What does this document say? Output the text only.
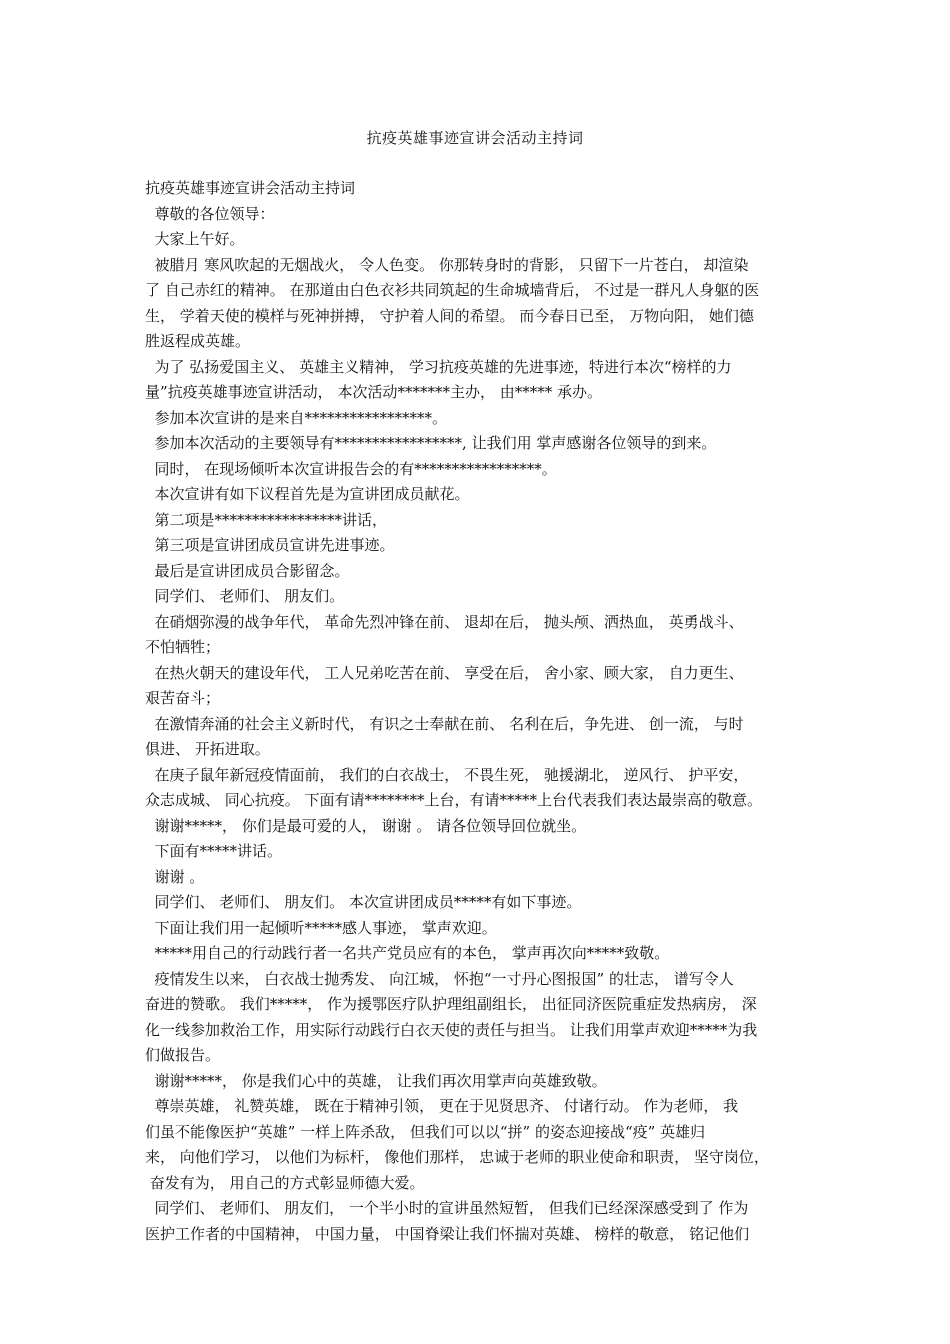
抗疫英雄事迹宣讲会活动主持词
抗疫英雄事迹宣讲会活动主持词
尊敬的各位领导：
大家上午好。
被腊月 寒风吹起的无烟战火， 令人色变。 你那转身时的背影， 只留下一片苍白， 却渲染
了 自己赤红的精神。 在那道由白色衣衫共同筑起的生命城墙背后， 不过是一群凡人身躯的医
生， 学着天使的模样与死神拼搏， 守护着人间的希望。 而今春日已至， 万物向阳， 她们德
胜返程成英雄。
为了 弘扬爱国主义、 英雄主义精神， 学习抗疫英雄的先进事迹，特进行本次“榜样的力
量”抗疫英雄事迹宣讲活动， 本次活动*******主办， 由***** 承办。
参加本次宣讲的是来自*****************。
参加本次活动的主要领导有*****************, 让我们用 掌声感谢各位领导的到来。
同时， 在现场倾听本次宣讲报告会的有*****************。
本次宣讲有如下议程首先是为宣讲团成员献花。
第二项是*****************讲话，
第三项是宣讲团成员宣讲先进事迹。
最后是宣讲团成员合影留念。
同学们、 老师们、 朋友们。
在硝烟弥漫的战争年代， 革命先烈冲锋在前、 退却在后， 抛头颅、洒热血， 英勇战斗、
不怕牺牲；
在热火朝天的建设年代， 工人兄弟吃苦在前、 享受在后， 舍小家、顾大家， 自力更生、
艰苦奋斗；
在激情奔涌的社会主义新时代， 有识之士奉献在前、 名利在后，争先进、 创一流， 与时
俱进、 开拓进取。
在庚子鼠年新冠疫情面前， 我们的白衣战士， 不畏生死， 驰援湖北， 逆风行、 护平安，
众志成城、 同心抗疫。 下面有请********上台，有请*****上台代表我们表达最崇高的敬意。
谢谢*****， 你们是最可爱的人， 谢谢 。 请各位领导回位就坐。
下面有*****讲话。
谢谢 。
同学们、 老师们、 朋友们。 本次宣讲团成员*****有如下事迹。
下面让我们用一起倾听*****感人事迹， 掌声欢迎。
*****用自己的行动践行者一名共产党员应有的本色， 掌声再次向*****致敬。
疫情发生以来， 白衣战士抛秀发、 向江城， 怀抱“一寸丹心图报国” 的壮志， 谱写令人
奋进的赞歌。 我们*****， 作为援鄂医疗队护理组副组长， 出征同济医院重症发热病房， 深
化一线参加救治工作，用实际行动践行白衣天使的责任与担当。 让我们用掌声欢迎*****为我
们做报告。
谢谢*****， 你是我们心中的英雄， 让我们再次用掌声向英雄致敬。
尊崇英雄， 礼赞英雄， 既在于精神引领， 更在于见贤思齐、 付诸行动。 作为老师， 我
们虽不能像医护“英雄” 一样上阵杀敌， 但我们可以以“拼” 的姿态迎接战“疫” 英雄归
来， 向他们学习， 以他们为标杆， 像他们那样， 忠诚于老师的职业使命和职责， 坚守岗位，
奋发有为， 用自己的方式彰显师德大爱。
同学们、 老师们、 朋友们， 一个半小时的宣讲虽然短暂， 但我们已经深深感受到了 作为
医护工作者的中国精神， 中国力量， 中国脊梁让我们怀揣对英雄、 榜样的敬意， 铭记他们
